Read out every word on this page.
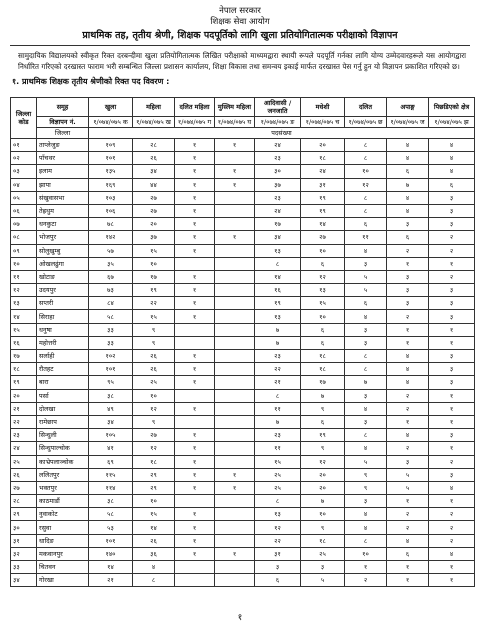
नेपाल सरकार
शिक्षक सेवा आयोग
प्राथमिक तह, तृतीय श्रेणी, शिक्षक पदपूर्तिको लागि खुला प्रतियोगितात्मक परीक्षाको विज्ञापन
सामुदायिक विद्यालयको स्वीकृत रिक्त दरबन्दीमा खुला प्रतियोगितात्मक लिखित परीक्षाको माध्यमद्वारा स्थायी रूपले पदपूर्ति गर्नका लागि योग्य उम्मेदवारहरूले यस आयोगद्वारा निर्धारित गरिएको दरखास्त फाराम भरी सम्बन्धित जिल्ला प्रशासन कार्यालय, शिक्षा विकास तथा समन्वय इकाई मार्फत दरखास्त पेस गर्नु हुन यो विज्ञापन प्रकाशित गरिएको छ।
१. प्राथमिक शिक्षक तृतीय श्रेणीको रिक्त पद विवरण :
जिल्ला कोड	समूह	खुला	महिला	दलित महिला	मुस्लिम महिला	आदिवासी / जनजाति	मधेशी	दलित	अपाङ्ग	पिछडिएको क्षेत्र
	विज्ञापन नं.	१/०७४/०७५ क	१/०७४/०७५ ख	१/०७४/०७५ ग	१/०७४/०७५ घ	१/०७४/०७५ ङ	१/०७४/०७५ च	१/०७४/०७५ छ	१/०७४/०७५ ज	१/०७४/०७५ झ
	जिल्ला	पदसंख्या								
०१	ताप्लेजुङ	१०९	२८	१	१	२४	२०	८	४	४
०२	पाँचथर	१०१	२६	१		२३	१८	८	४	४
०३	इलाम	१३५	३४	१	१	३०	२४	१०	६	४
०४	झापा	१६९	४४	१	१	३७	३१	१२	७	६
०५	संखुवासभा	१०३	२७	१		२३	१९	८	४	३
०६	तेह्रथुम	१०६	२७	१		२४	१९	८	४	३
०७	धनकुटा	७८	२०	१		१७	१४	६	३	३
०८	भोजपुर	१४२	३७	१	१	३४	२७	११	६	२
०९	सोलुखुम्बु	५७	१५	१		१३	१०	४	२	२
१०	ओखलढुंगा	३५	१०			८	६	३	१	१
११	खोटाङ	६७	१७	१		१४	१२	५	३	२
१२	उदयपुर	७३	१९	१		१६	१३	५	३	३
१३	सप्तरी	८४	२२	१		१९	१५	६	३	३
१४	सिराहा	५८	१५	१		१३	१०	४	२	३
१५	धनुषा	३३	९			७	६	३	१	१
१६	महोत्तरी	३३	९			७	६	३	१	१
१७	सर्लाही	१०२	२६	१		२३	१८	८	४	३
१८	रौतहट	१०१	२६	१		२२	१८	८	४	३
१९	बारा	९५	२५	१		२१	१७	७	४	३
२०	पर्सा	३८	१०			८	७	३	२	१
२१	दोलखा	४९	१२	१		११	९	४	२	१
२२	रामेछाप	३४	९			७	६	३	१	१
२३	सिन्धुली	१०५	२७	१		२३	१९	८	४	३
२४	सिन्धुपाल्चोक	४१	१२	१		११	९	४	२	१
२५	काभ्रेपलाञ्चोक	६९	१८	१		१५	१२	५	३	२
२६	ललितपुर	११५	२९	१	१	२५	२०	९	५	३
२७	भक्तपुर	११४	२९	१	१	२५	२०	९	५	४
२८	काठमाडौं	३८	१०			८	७	३	१	१
२९	नुवाकोट	५८	१५	१		१३	१०	४	२	२
३०	रसुवा	५३	१४	१		१२	९	४	२	२
३१	धादिङ	१०१	२६	१		२२	१८	८	४	२
३२	मकवानपुर	१४०	३६	१	१	३१	२५	१०	६	४
३३	चितवन	१४	४			३	३	१	१	१
३४	गोरखा	२१	८			६	५	२	१	१
१
